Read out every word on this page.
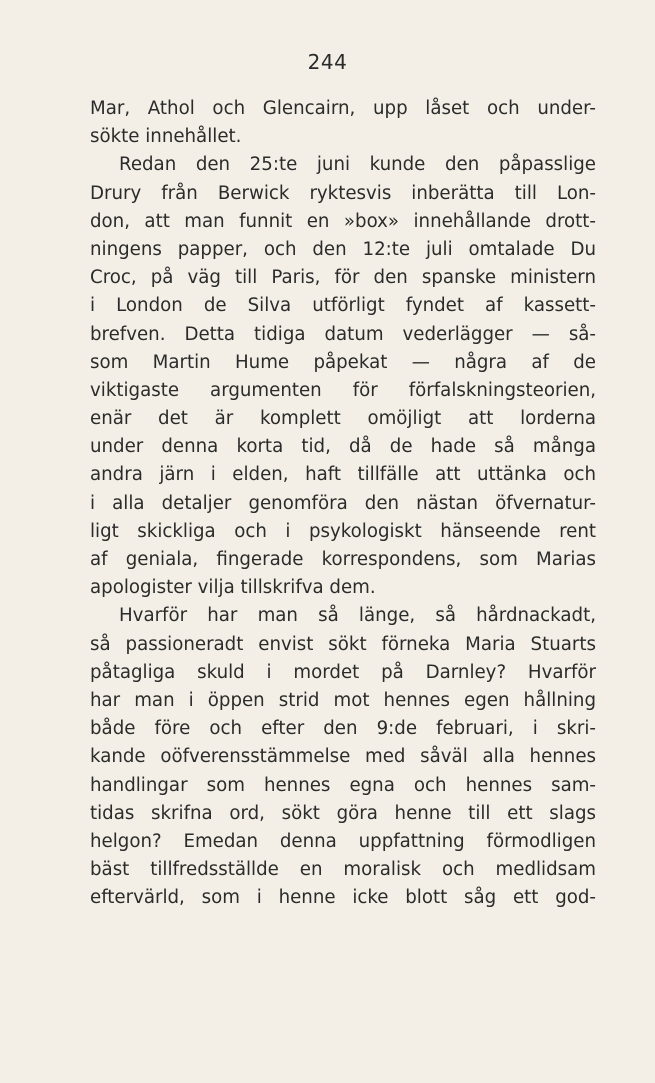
244
Mar, Athol och Glencairn, upp låset och under-
sökte innehållet.
Redan den 25:te juni kunde den påpasslige
Drury från Berwick ryktesvis inberätta till Lon-
don, att man funnit en »box» innehållande drott-
ningens papper, och den 12:te juli omtalade Du
Croc, på väg till Paris, för den spanske ministern
i London de Silva utförligt fyndet af kassett-
brefven. Detta tidiga datum vederlägger — så-
som Martin Hume påpekat — några af de
viktigaste argumenten för förfalskningsteorien,
enär det är komplett omöjligt att lorderna
under denna korta tid, då de hade så många
andra järn i elden, haft tillfälle att uttänka och
i alla detaljer genomföra den nästan öfvernatur-
ligt skickliga och i psykologiskt hänseende rent
af geniala, fingerade korrespondens, som Marias
apologister vilja tillskrifva dem.
Hvarför har man så länge, så hårdnackadt,
så passioneradt envist sökt förneka Maria Stuarts
påtagliga skuld i mordet på Darnley? Hvarför
har man i öppen strid mot hennes egen hållning
både före och efter den 9:de februari, i skri-
kande oöfverensstämmelse med såväl alla hennes
handlingar som hennes egna och hennes sam-
tidas skrifna ord, sökt göra henne till ett slags
helgon? Emedan denna uppfattning förmodligen
bäst tillfredsställde en moralisk och medlidsam
eftervärld, som i henne icke blott såg ett god-
